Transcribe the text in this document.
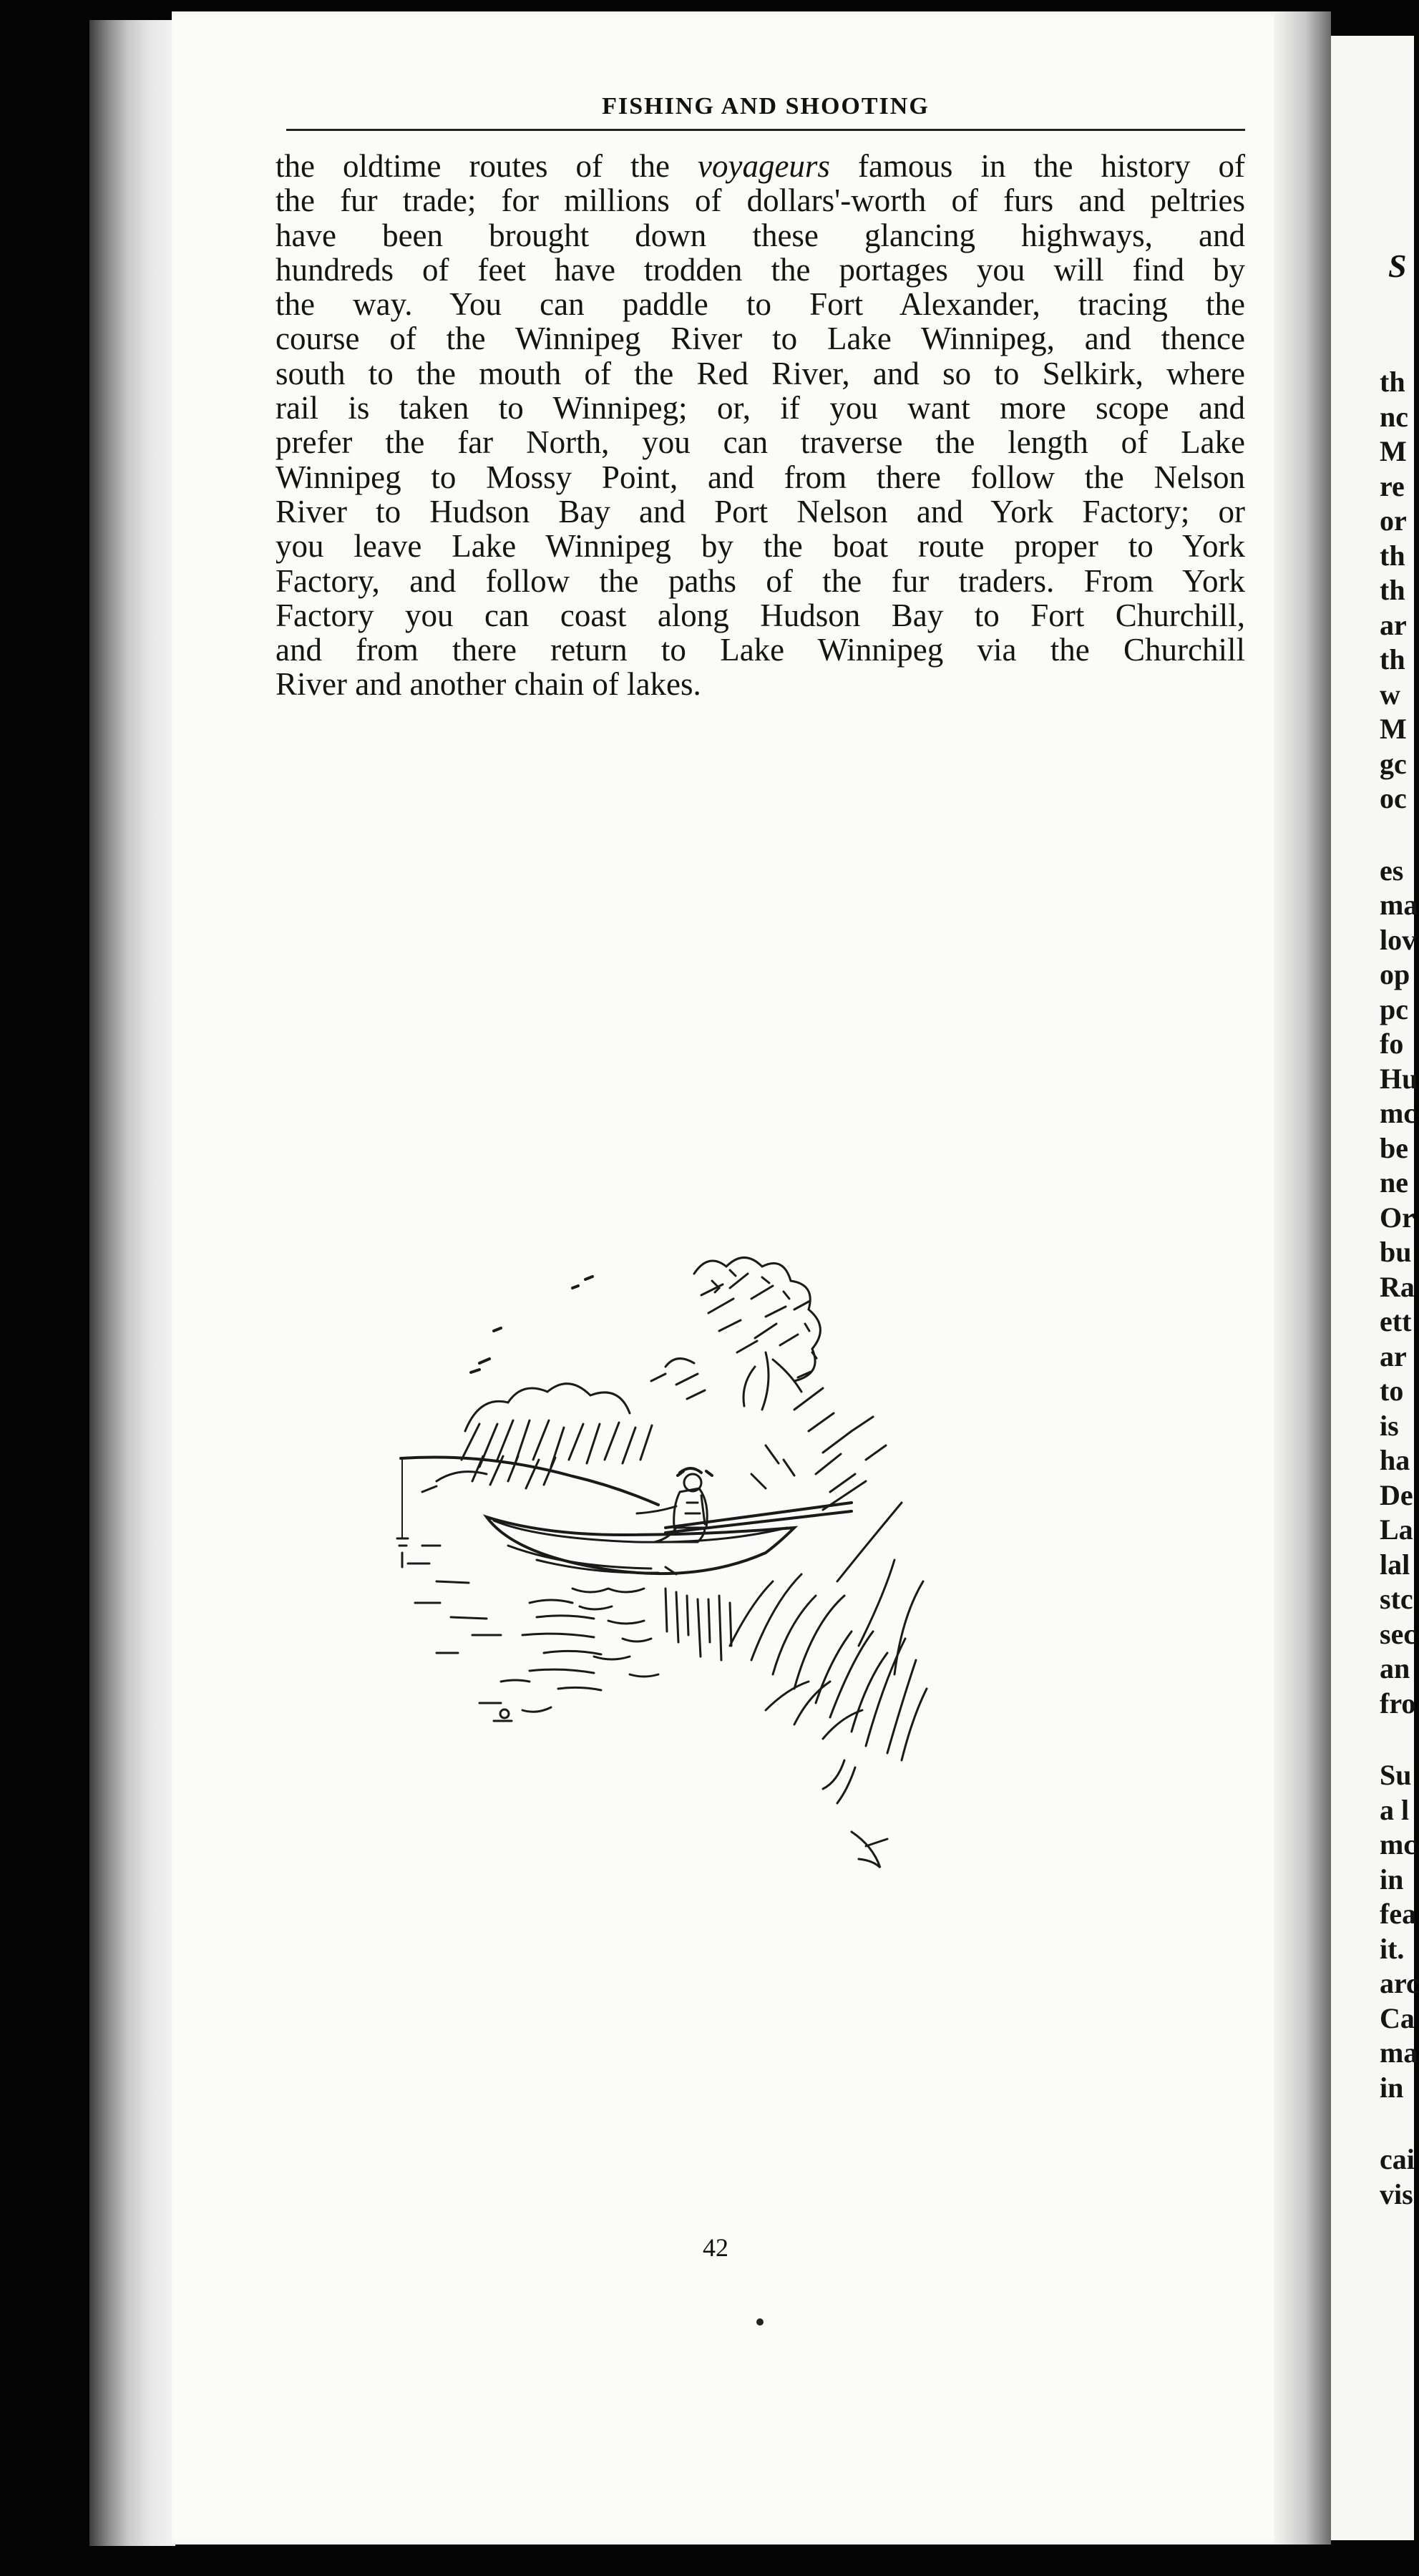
FISHING AND SHOOTING
the oldtime routes of the voyageurs famous in the history of
the fur trade; for millions of dollars'-worth of furs and peltries
have been brought down these glancing highways, and
hundreds of feet have trodden the portages you will find by
the way. You can paddle to Fort Alexander, tracing the
course of the Winnipeg River to Lake Winnipeg, and thence
south to the mouth of the Red River, and so to Selkirk, where
rail is taken to Winnipeg; or, if you want more scope and
prefer the far North, you can traverse the length of Lake
Winnipeg to Mossy Point, and from there follow the Nelson
River to Hudson Bay and Port Nelson and York Factory; or
you leave Lake Winnipeg by the boat route proper to York
Factory, and follow the paths of the fur traders. From York
Factory you can coast along Hudson Bay to Fort Churchill,
and from there return to Lake Winnipeg via the Churchill
River and another chain of lakes.
42
S
th
nc
M
re
or
th
th
ar
th
w
M
gc
oc
es
ma
lov
op
pc
fo
Hu
mc
be
ne
Or
bu
Ra
ett
ar
to
is
ha
De
La
lal
stc
sec
an
fro
Su
a l
mc
in
fea
it.
arc
Ca
ma
in
cai
vis
